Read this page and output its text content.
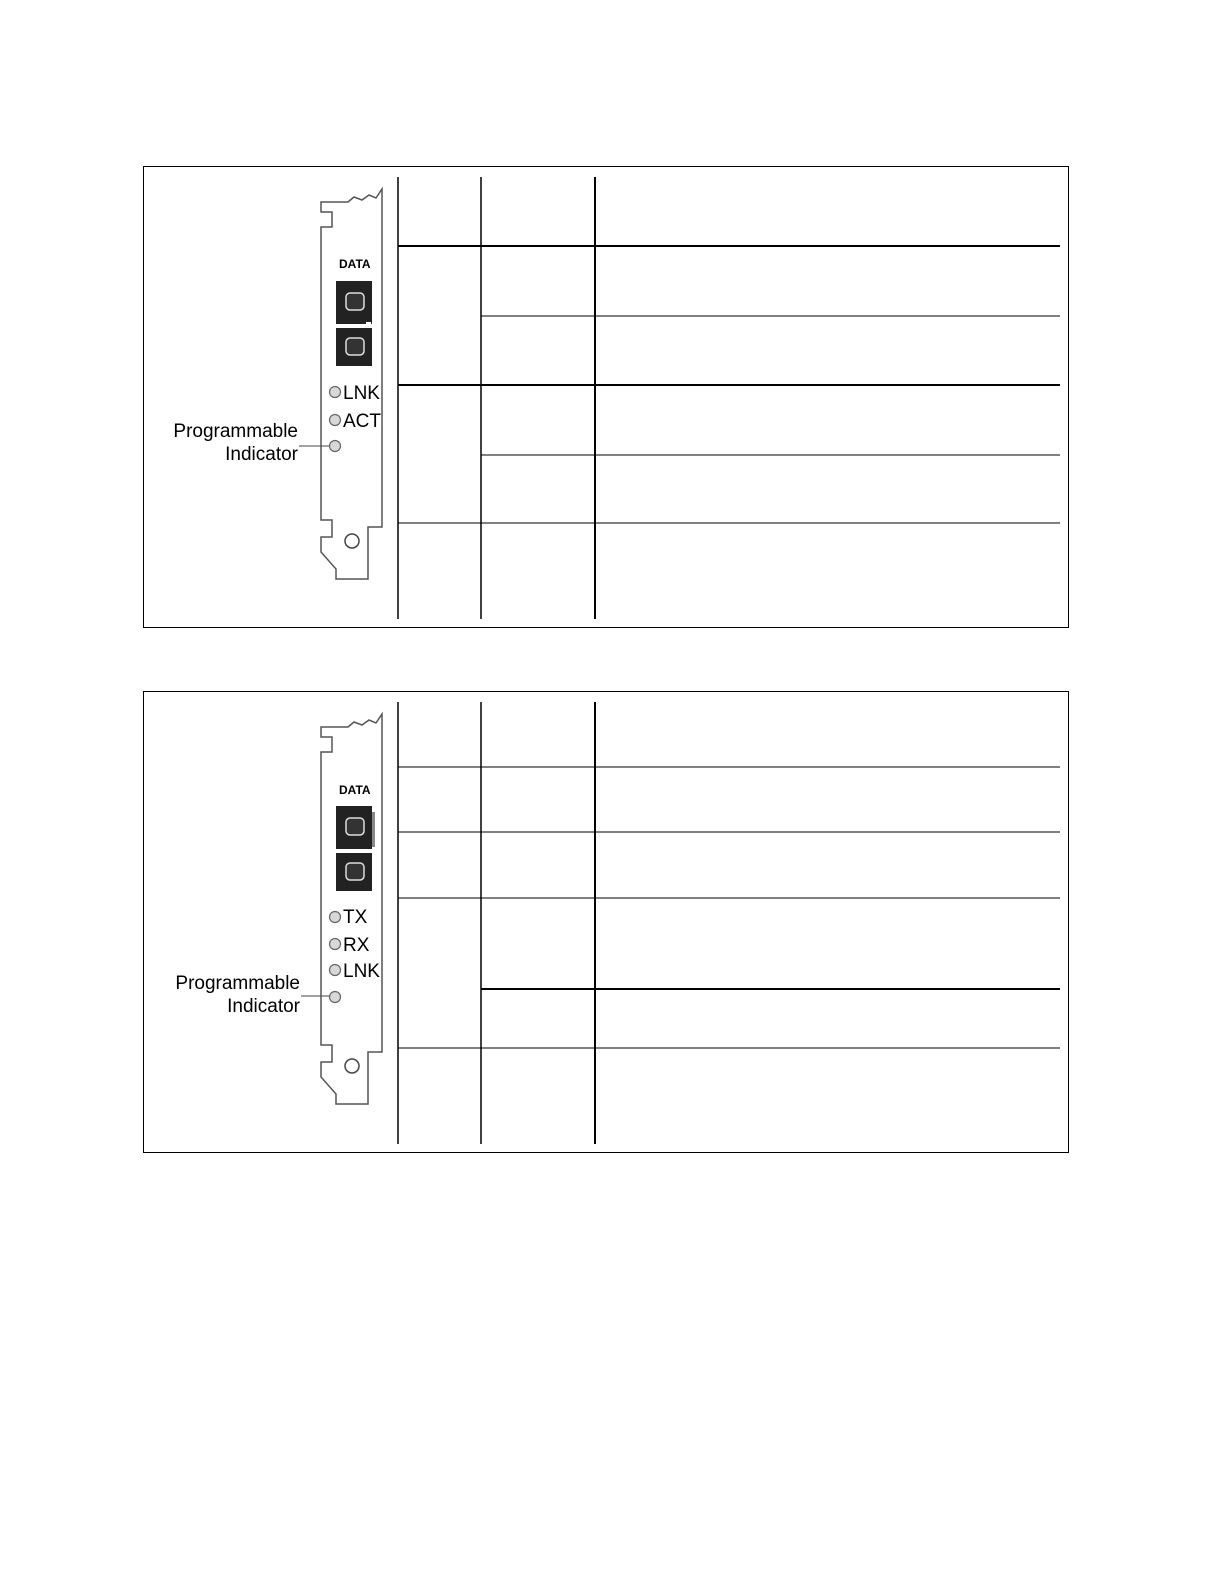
DATA
LNK
ACT
Programmable
Indicator
DATA
TX
RX
LNK
Programmable
Indicator
